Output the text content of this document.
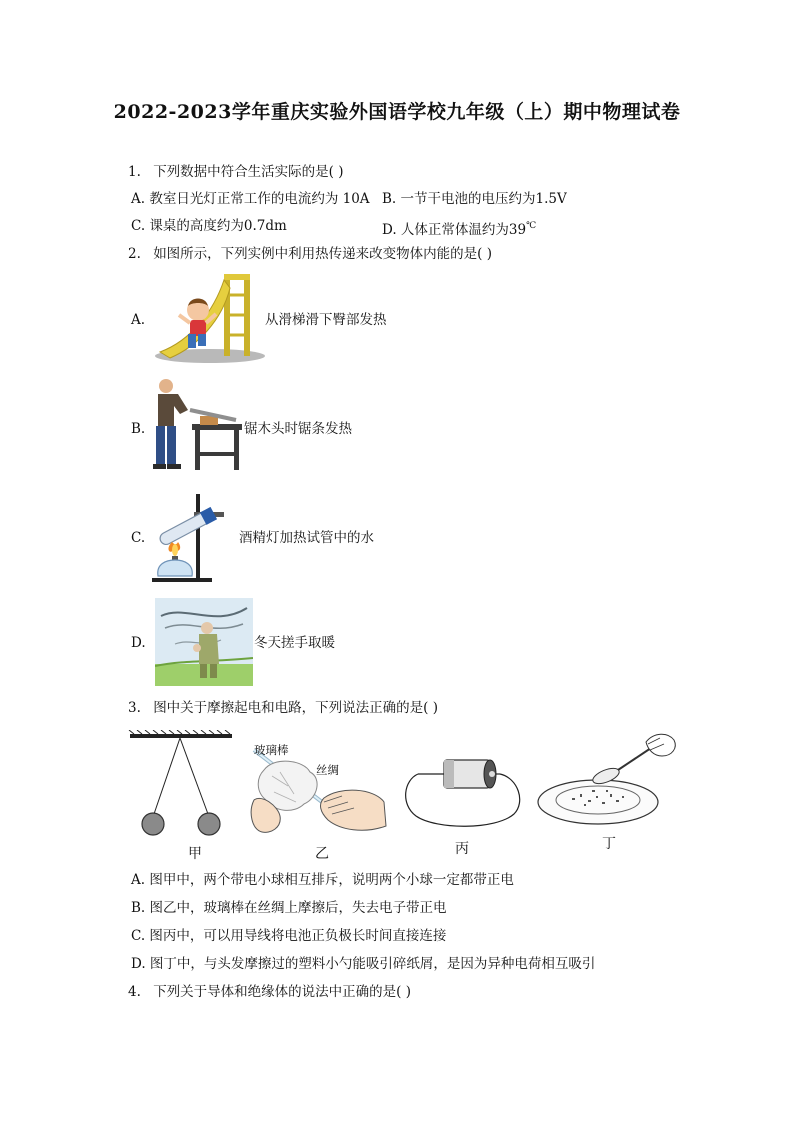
2022-2023学年重庆实验外国语学校九年级（上）期中物理试卷
1. 下列数据中符合生活实际的是( )
A. 教室日光灯正常工作的电流约为 10A B. 一节干电池的电压约为1.5V
C. 课桌的高度约为0.7dm	D. 人体正常体温约为39℃
2. 如图所示，下列实例中利用热传递来改变物体内能的是( )
A.	从滑梯滑下臀部发热
B.	锯木头时锯条发热
C.	酒精灯加热试管中的水
D.	冬天搓手取暖
3. 图中关于摩擦起电和电路，下列说法正确的是( )
甲
玻璃棒
丝绸
乙	丙	丁
A. 图甲中，两个带电小球相互排斥，说明两个小球一定都带正电
B. 图乙中，玻璃棒在丝绸上摩擦后，失去电子带正电
C. 图丙中，可以用导线将电池正负极长时间直接连接
D. 图丁中，与头发摩擦过的塑料小勺能吸引碎纸屑，是因为异种电荷相互吸引
4. 下列关于导体和绝缘体的说法中正确的是( )
